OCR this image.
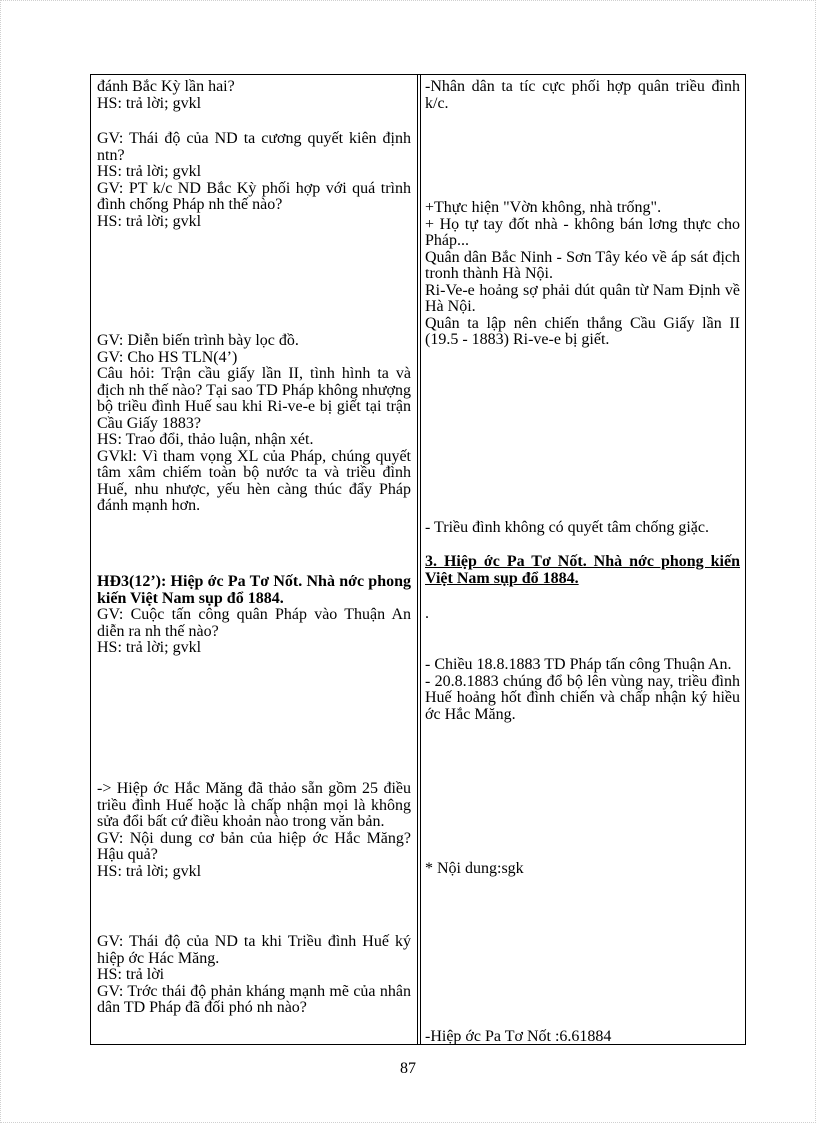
đánh Bắc Kỳ lần hai?

HS: trả lời; gvkl

GV: Thái độ của ND ta cương quyết kiên định ntn?

HS: trả lời; gvkl

GV: PT k/c ND Bắc Kỳ phối hợp với quá trình đình chống Pháp nh thế nào?

HS: trả lời; gvkl

GV: Diễn biến trình bày lọc đồ.

GV: Cho HS TLN(4’)

Câu hỏi: Trận cầu giấy lần II, tình hình ta và địch nh thế nào? Tại sao TD Pháp không nhượng bộ triều đình Huế sau khi Ri-ve-e bị giết tại trận Cầu Giấy 1883?

HS: Trao đổi, thảo luận, nhận xét.

GVkl: Vì tham vọng XL của Pháp, chúng quyết tâm xâm chiếm toàn bộ nước ta và triều đình Huế, nhu nhược, yếu hèn càng thúc đẩy Pháp đánh mạnh hơn.

HĐ3(12’): Hiệp ớc Pa Tơ Nốt. Nhà nớc phong kiến Việt Nam sụp đổ 1884.

GV: Cuộc tấn công quân Pháp vào Thuận An diễn ra nh thế nào?

HS: trả lời; gvkl

-> Hiệp ớc Hắc Măng đã thảo sẵn gồm 25 điều triều đình Huế hoặc là chấp nhận mọi là không sửa đổi bất cứ điều khoản nào trong văn bản.

GV: Nội dung cơ bản của hiệp ớc Hắc Măng? Hậu quả?

HS: trả lời; gvkl

GV: Thái độ của ND ta khi Triều đình Huế ký hiệp ớc Hác Măng.

HS: trả lời

GV: Trớc thái độ phản kháng mạnh mẽ của nhân dân TD Pháp đã đối phó nh nào?

-Nhân dân ta tíc cực phối hợp quân triều đình k/c.

+Thực hiện "Vờn không, nhà trống".

+ Họ tự tay đốt nhà - không bán lơng thực cho Pháp...

Quân dân Bắc Ninh - Sơn Tây kéo về áp sát địch tronh thành Hà Nội.

Ri-Ve-e hoảng sợ phải dút quân từ Nam Định về Hà Nội.

Quân ta lập nên chiến thắng Cầu Giấy lần II (19.5 - 1883) Ri-ve-e bị giết.

- Triều đình không có quyết tâm chống giặc.

3. Hiệp ớc Pa Tơ Nốt. Nhà nớc phong kiến Việt Nam sụp đổ 1884.

.

- Chiều 18.8.1883 TD Pháp tấn công Thuận An.

- 20.8.1883 chúng đổ bộ lên vùng nay, triều đình Huế hoảng hốt đình chiến và chấp nhận ký hiều ớc Hắc Măng.

* Nội dung:sgk

-Hiệp ớc Pa Tơ Nốt :6.61884

87
